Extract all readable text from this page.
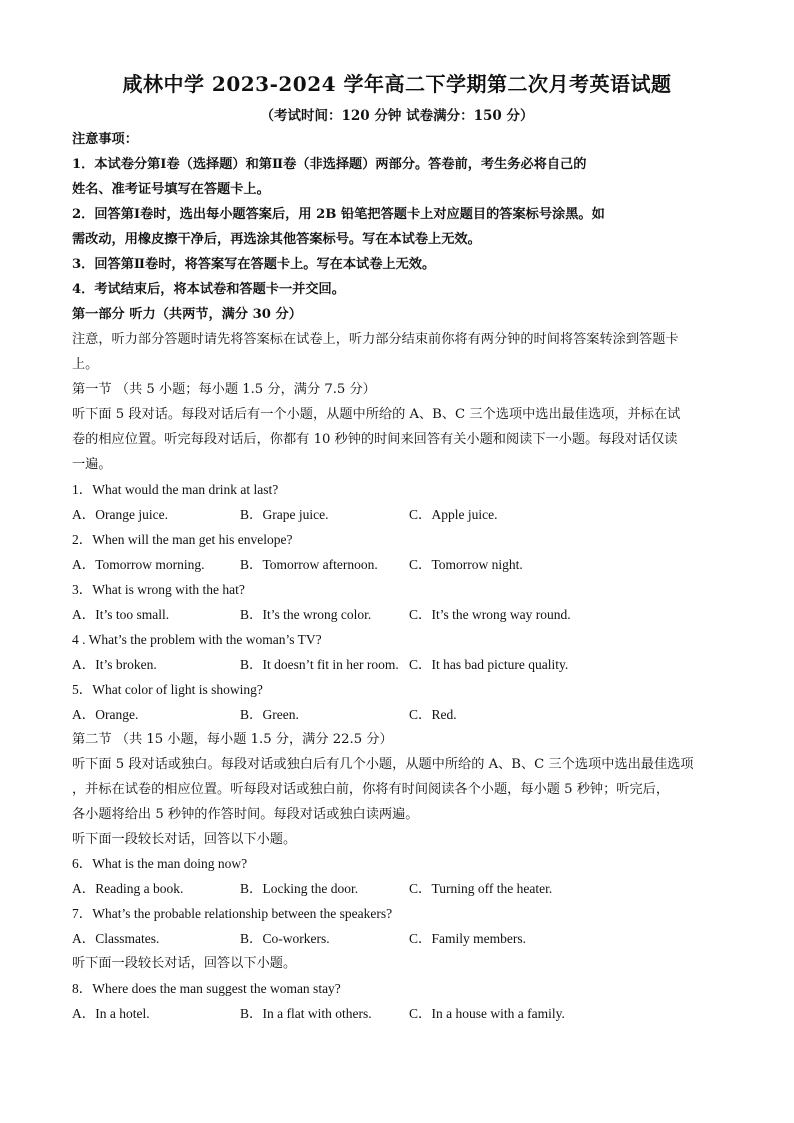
咸林中学 2023-2024 学年高二下学期第二次月考英语试题
（考试时间：120 分钟 试卷满分：150 分）
注意事项：
1．本试卷分第Ⅰ卷（选择题）和第Ⅱ卷（非选择题）两部分。答卷前，考生务必将自己的
姓名、准考证号填写在答题卡上。
2．回答第Ⅰ卷时，选出每小题答案后，用 2B 铅笔把答题卡上对应题目的答案标号涂黑。如
需改动，用橡皮擦干净后，再选涂其他答案标号。写在本试卷上无效。
3．回答第Ⅱ卷时，将答案写在答题卡上。写在本试卷上无效。
4．考试结束后，将本试卷和答题卡一并交回。
第一部分 听力（共两节，满分 30 分）
注意，听力部分答题时请先将答案标在试卷上，听力部分结束前你将有两分钟的时间将答案转涂到答题卡
上。
第一节 （共 5 小题；每小题 1.5 分，满分 7.5 分）
听下面 5 段对话。每段对话后有一个小题，从题中所给的 A、B、C 三个选项中选出最佳选项，并标在试
卷的相应位置。听完每段对话后，你都有 10 秒钟的时间来回答有关小题和阅读下一小题。每段对话仅读
一遍。
1．What would the man drink at last?
A．Orange juice.	B．Grape juice.	C．Apple juice.
2．When will the man get his envelope?
A．Tomorrow morning.	B．Tomorrow afternoon. C．Tomorrow night.
3．What is wrong with the hat?
A．It’s too small.	B．It’s the wrong color.	C．It’s the wrong way round.
4 . What’s the problem with the woman’s TV?
A．It’s broken.	B．It doesn’t fit in her room. C．It has bad picture quality.
5．What color of light is showing?
A．Orange.	B．Green.	C．Red.
第二节 （共 15 小题，每小题 1.5 分，满分 22.5 分）
听下面 5 段对话或独白。每段对话或独白后有几个小题，从题中所给的 A、B、C 三个选项中选出最佳选项
，并标在试卷的相应位置。听每段对话或独白前，你将有时间阅读各个小题，每小题 5 秒钟；听完后，
各小题将给出 5 秒钟的作答时间。每段对话或独白读两遍。
听下面一段较长对话，回答以下小题。
6．What is the man doing now?
A．Reading a book.	B．Locking the door.	C．Turning off the heater.
7．What’s the probable relationship between the speakers?
A．Classmates.	B．Co-workers.	C．Family members.
听下面一段较长对话，回答以下小题。
8．Where does the man suggest the woman stay?
A．In a hotel.	B．In a flat with others.	C．In a house with a family.
